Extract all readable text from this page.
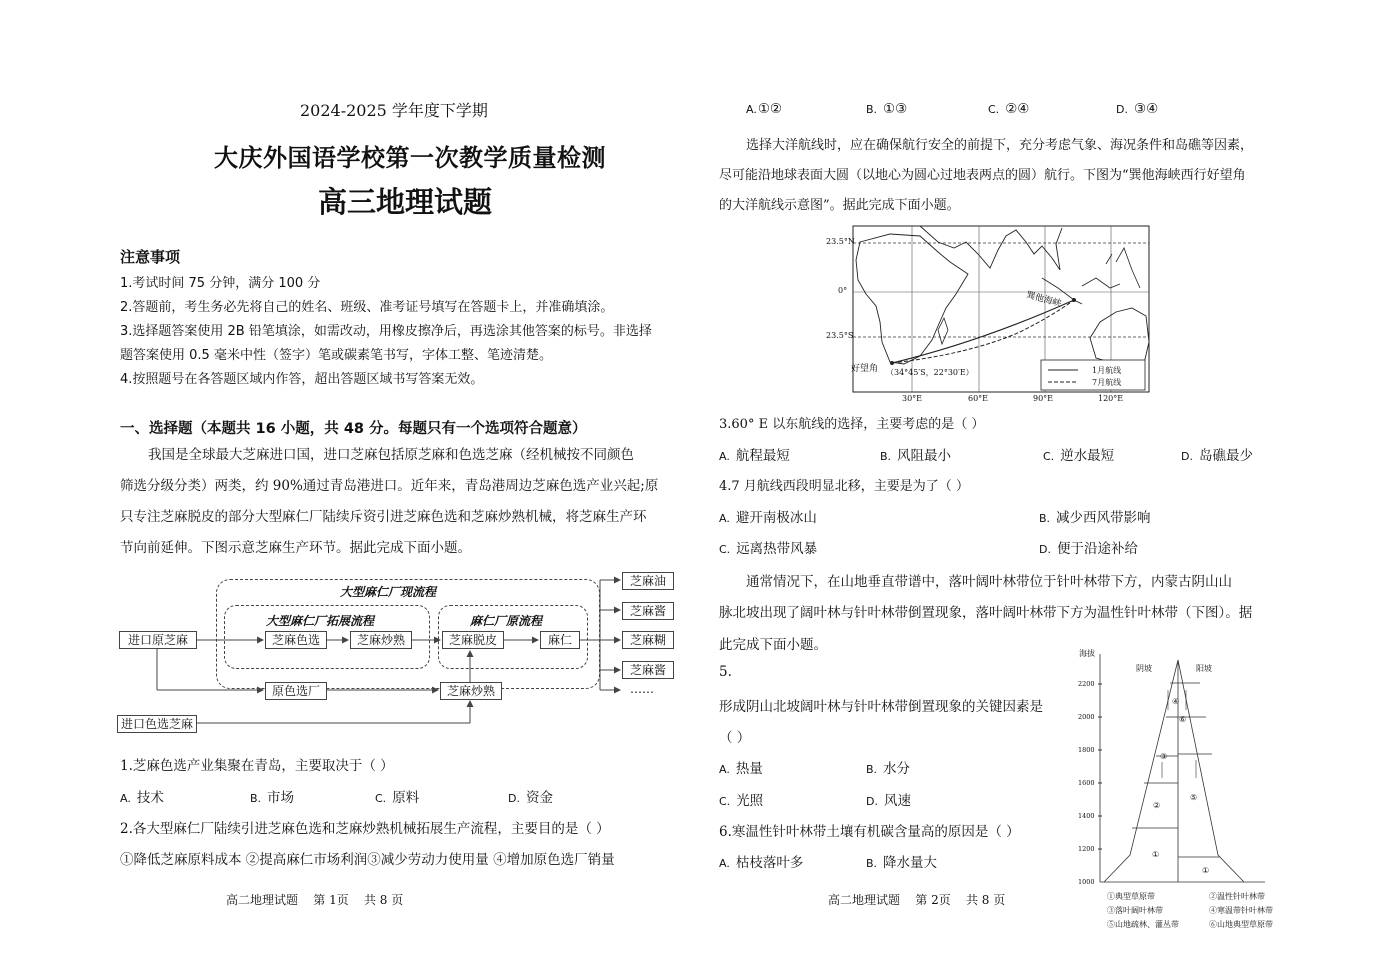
2024-2025 学年度下学期
大庆外国语学校第一次教学质量检测
高三地理试题
注意事项

1.考试时间 75 分钟，满分 100 分

2.答题前，考生务必先将自己的姓名、班级、准考证号填写在答题卡上，并准确填涂。

3.选择题答案使用 2B 铅笔填涂，如需改动，用橡皮擦净后，再选涂其他答案的标号。非选择

题答案使用 0.5 毫米中性（签字）笔或碳素笔书写，字体工整、笔迹清楚。

4.按照题号在各答题区域内作答，超出答题区域书写答案无效。

一、选择题（本题共 16 小题，共 48 分。每题只有一个选项符合题意）

我国是全球最大芝麻进口国，进口芝麻包括原芝麻和色选芝麻（经机械按不同颜色

筛选分级分类）两类，约 90%通过青岛港进口。近年来，青岛港周边芝麻色选产业兴起;原

只专注芝麻脱皮的部分大型麻仁厂陆续斥资引进芝麻色选和芝麻炒熟机械，将芝麻生产环

节向前延伸。下图示意芝麻生产环节。据此完成下面小题。

大型麻仁厂现流程
大型麻仁厂拓展流程	麻仁厂原流程
进口原芝麻	芝麻色选	芝麻炒熟	芝麻脱皮	麻仁
原色选厂	芝麻炒熟
进口色选芝麻
芝麻油
芝麻酱
芝麻糊
芝麻酱
……

1.芝麻色选产业集聚在青岛，主要取决于（ ）

A. 技术	B. 市场	C. 原料	D. 资金

2.各大型麻仁厂陆续引进芝麻色选和芝麻炒熟机械拓展生产流程，主要目的是（ ）

①降低芝麻原料成本 ②提高麻仁市场利润③减少劳动力使用量 ④增加原色选厂销量

高二地理试题    第 1页    共 8 页
A.①②	B. ①③	C. ②④	D. ③④

选择大洋航线时，应在确保航行安全的前提下，充分考虑气象、海况条件和岛礁等因素，

尽可能沿地球表面大圆（以地心为圆心过地表两点的圆）航行。下图为“巽他海峡西行好望角

的大洋航线示意图”。据此完成下面小题。

23.5°N
0°
23.5°S
30°E	60°E	90°E	120°E
巽他海峡
好望角 （34°45′S，22°30′E）	1月航线
7月航线

3.60° E 以东航线的选择，主要考虑的是（ ）

A. 航程最短	B. 风阻最小	C. 逆水最短	D. 岛礁最少

4.7 月航线西段明显北移，主要是为了（ ）

A. 避开南极冰山	B. 减少西风带影响
C. 远离热带风暴	D. 便于沿途补给

通常情况下，在山地垂直带谱中，落叶阔叶林带位于针叶林带下方，内蒙古阴山山

脉北坡出现了阔叶林与针叶林带倒置现象，落叶阔叶林带下方为温性针叶林带（下图）。据

此完成下面小题。

5.

形成阴山北坡阔叶林与针叶林带倒置现象的关键因素是

（ ）

A. 热量	B. 水分
C. 光照	D. 风速

6.寒温性针叶林带土壤有机碳含量高的原因是（ ）

A. 枯枝落叶多	B. 降水量大
海拔
阴坡	阳坡
2200
2000
1800
1600
1400
1200
1000
④
⑥
③
⑤
②
①
①
①典型草原带	②温性针叶林带
③落叶阔叶林带	④寒温带针叶林带
⑤山地疏林、灌丛带	⑥山地典型草原带
高二地理试题    第 2页    共 8 页
